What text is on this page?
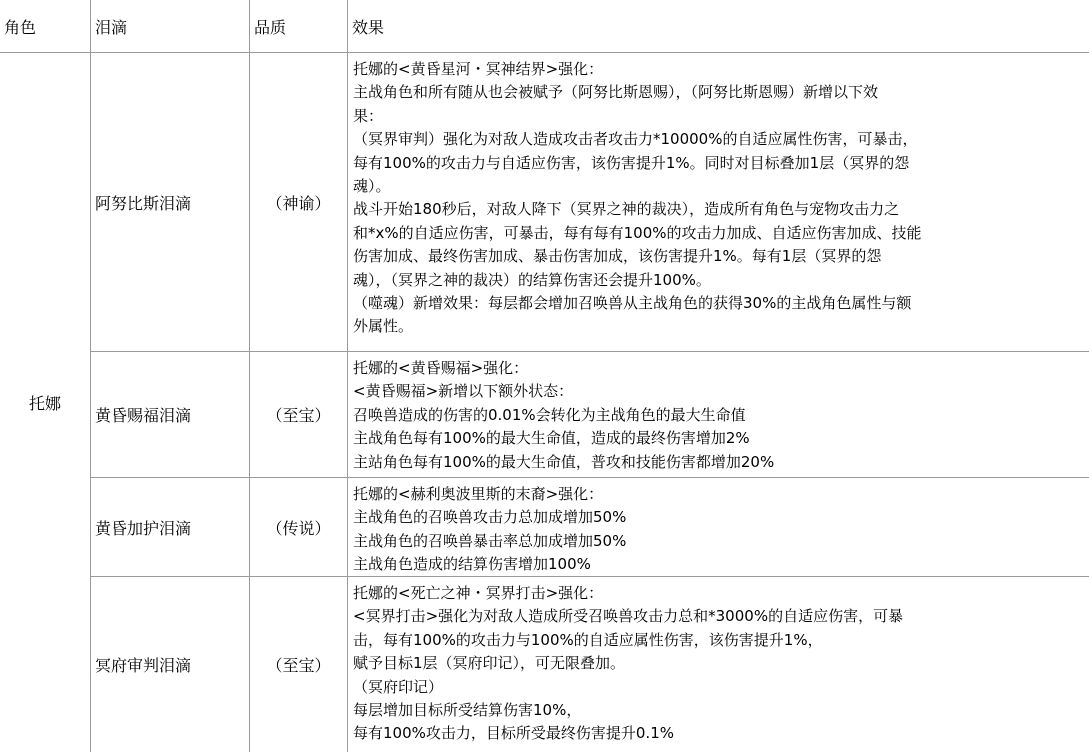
角色	泪滴	品质	效果
托娜
阿努比斯泪滴	（神谕）
托娜的<黄昏星河・冥神结界>强化：
主战角色和所有随从也会被赋予（阿努比斯恩赐），（阿努比斯恩赐）新增以下效
果：
（冥界审判）强化为对敌人造成攻击者攻击力*10000%的自适应属性伤害，可暴击，
每有100%的攻击力与自适应伤害，该伤害提升1%。同时对目标叠加1层（冥界的怨
魂）。
战斗开始180秒后，对敌人降下（冥界之神的裁决），造成所有角色与宠物攻击力之
和*x%的自适应伤害，可暴击，每有每有100%的攻击力加成、自适应伤害加成、技能
伤害加成、最终伤害加成、暴击伤害加成，该伤害提升1%。每有1层（冥界的怨
魂），（冥界之神的裁决）的结算伤害还会提升100%。
（噬魂）新增效果：每层都会增加召唤兽从主战角色的获得30%的主战角色属性与额
外属性。
黄昏赐福泪滴	（至宝）
托娜的<黄昏赐福>强化：
<黄昏赐福>新增以下额外状态：
召唤兽造成的伤害的0.01%会转化为主战角色的最大生命值
主战角色每有100%的最大生命值，造成的最终伤害增加2%
主站角色每有100%的最大生命值，普攻和技能伤害都增加20%
黄昏加护泪滴	（传说）
托娜的<赫利奥波里斯的末裔>强化：
主战角色的召唤兽攻击力总加成增加50%
主战角色的召唤兽暴击率总加成增加50%
主战角色造成的结算伤害增加100%
冥府审判泪滴	（至宝）
托娜的<死亡之神・冥界打击>强化：
<冥界打击>强化为对敌人造成所受召唤兽攻击力总和*3000%的自适应伤害，可暴
击，每有100%的攻击力与100%的自适应属性伤害，该伤害提升1%，
赋予目标1层（冥府印记），可无限叠加。
（冥府印记）
每层增加目标所受结算伤害10%，
每有100%攻击力，目标所受最终伤害提升0.1%
